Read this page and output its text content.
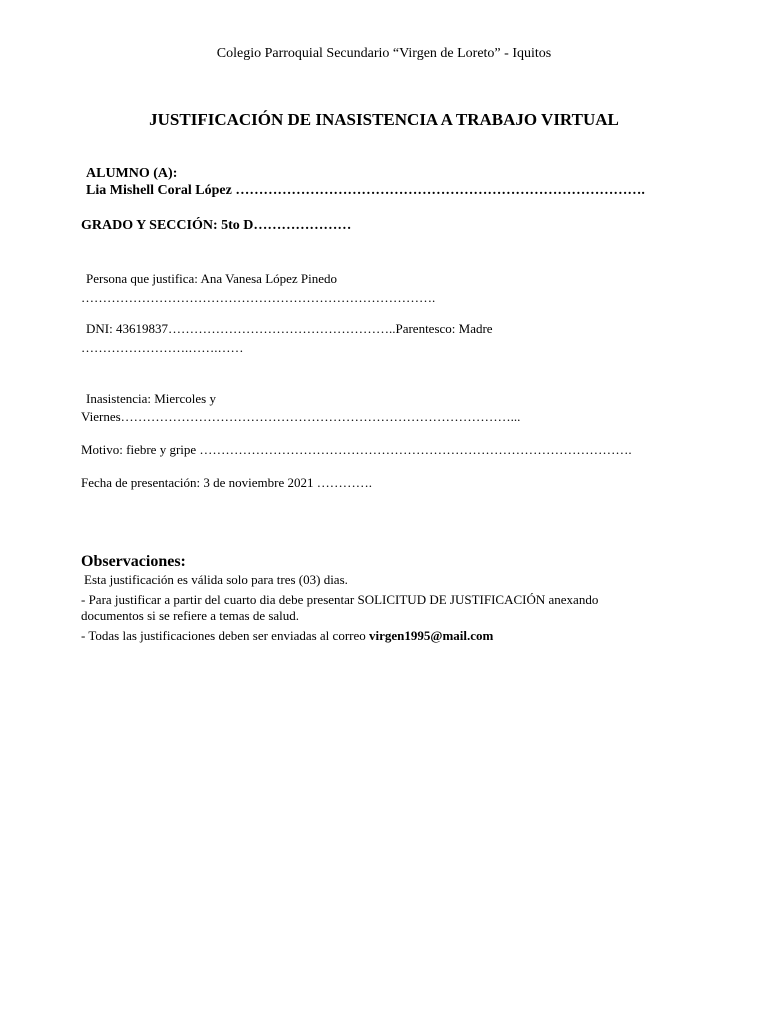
Colegio Parroquial Secundario “Virgen de Loreto” - Iquitos
JUSTIFICACIÓN DE INASISTENCIA A TRABAJO VIRTUAL
ALUMNO (A):
Lia Mishell Coral López …………………………………………………………………………….
GRADO Y SECCIÓN: 5to D…………………
Persona que justifica: Ana Vanesa López Pinedo
……………………………………………………………………….
DNI: 43619837……………………………………………..Parentesco: Madre
…………………….…….……
Inasistencia: Miercoles y
Viernes………………………………………………………………………………...
Motivo: fiebre y gripe ……………………………………………………………………………………….
Fecha de presentación: 3 de noviembre 2021 ………….
Observaciones:
Esta justificación es válida solo para tres (03) dias.
- Para justificar a partir del cuarto dia debe presentar SOLICITUD DE JUSTIFICACIÓN anexando
documentos si se refiere a temas de salud.
- Todas las justificaciones deben ser enviadas al correo virgen1995@mail.com
